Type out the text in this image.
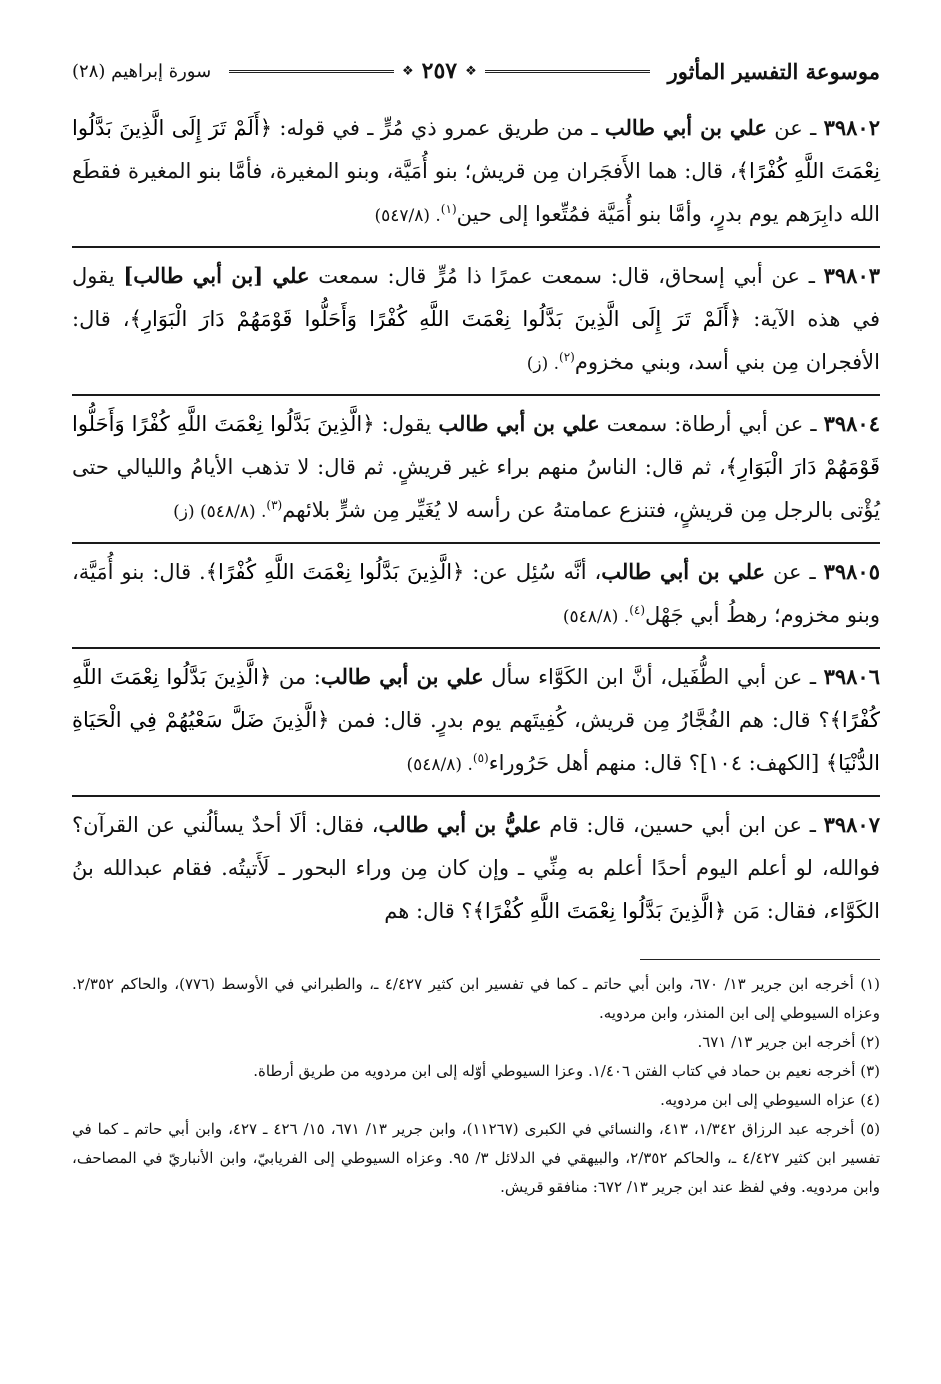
موسوعة التفسير المأثور
❖
٢٥٧
❖
سورة إبراهيم (٢٨)
٣٩٨٠٢ ـ عن علي بن أبي طالب ـ من طريق عمرو ذي مُرٍّ ـ في قوله: ﴿أَلَمْ تَرَ إِلَى الَّذِينَ بَدَّلُوا نِعْمَتَ اللَّهِ كُفْرًا﴾، قال: هما الأَفجَران مِن قريش؛ بنو أُمَيَّة، وبنو المغيرة، فأمَّا بنو المغيرة فقطَع الله دابِرَهم يوم بدرٍ، وأمَّا بنو أُمَيَّة فمُتِّعوا إلى حين$^{(١)}$. (٥٤٧/٨)
٣٩٨٠٣ ـ عن أبي إسحاق، قال: سمعت عمرًا ذا مُرٍّ قال: سمعت علي [بن أبي طالب] يقول في هذه الآية: ﴿أَلَمْ تَرَ إِلَى الَّذِينَ بَدَّلُوا نِعْمَتَ اللَّهِ كُفْرًا وَأَحَلُّوا قَوْمَهُمْ دَارَ الْبَوَارِ﴾، قال: الأفجران مِن بني أسد، وبني مخزوم$^{(٢)}$. (ز)
٣٩٨٠٤ ـ عن أبي أرطاة: سمعت علي بن أبي طالب يقول: ﴿الَّذِينَ بَدَّلُوا نِعْمَتَ اللَّهِ كُفْرًا وَأَحَلُّوا قَوْمَهُمْ دَارَ الْبَوَارِ﴾، ثم قال: الناسُ منهم براء غير قريشٍ. ثم قال: لا تذهب الأيامُ والليالي حتى يُؤْتى بالرجل مِن قريشٍ، فتنزع عمامتهُ عن رأسه لا يُغَيِّر مِن شرٍّ بلائهم$^{(٣)}$. (٥٤٨/٨) (ز)
٣٩٨٠٥ ـ عن علي بن أبي طالب، أنَّه سُئِل عن: ﴿الَّذِينَ بَدَّلُوا نِعْمَتَ اللَّهِ كُفْرًا﴾. قال: بنو أُمَيَّة، وبنو مخزوم؛ رهطُ أبي جَهْل$^{(٤)}$. (٥٤٨/٨)
٣٩٨٠٦ ـ عن أبي الطُّفَيل، أنَّ ابن الكَوَّاء سأل علي بن أبي طالب: من ﴿الَّذِينَ بَدَّلُوا نِعْمَتَ اللَّهِ كُفْرًا﴾؟ قال: هم الفُجَّارُ مِن قريش، كُفِيتَهم يوم بدرٍ. قال: فمن ﴿الَّذِينَ ضَلَّ سَعْيُهُمْ فِي الْحَيَاةِ الدُّنْيَا﴾ [الكهف: ١٠٤]؟ قال: منهم أهل حَرُوراء$^{(٥)}$. (٥٤٨/٨)
٣٩٨٠٧ ـ عن ابن أبي حسين، قال: قام عليُّ بن أبي طالب، فقال: ألَا أحدٌ يسألُني عن القرآن؟ فوالله، لو أعلم اليوم أحدًا أعلم به مِنِّي ـ وإن كان مِن وراء البحور ـ لَأَتيتُه. فقام عبدالله بنُ الكَوَّاء، فقال: مَن ﴿الَّذِينَ بَدَّلُوا نِعْمَتَ اللَّهِ كُفْرًا﴾؟ قال: هم
(١) أخرجه ابن جرير ١٣/ ٦٧٠، وابن أبي حاتم ـ كما في تفسير ابن كثير ٤/٤٢٧ ـ، والطبراني في الأوسط (٧٧٦)، والحاكم ٢/٣٥٢. وعزاه السيوطي إلى ابن المنذر، وابن مردويه.
(٢) أخرجه ابن جرير ١٣/ ٦٧١.
(٣) أخرجه نعيم بن حماد في كتاب الفتن ١/٤٠٦. وعزا السيوطي أوّله إلى ابن مردويه من طريق أرطاة.
(٤) عزاه السيوطي إلى ابن مردويه.
(٥) أخرجه عبد الرزاق ١/٣٤٢، ٤١٣، والنسائي في الكبرى (١١٢٦٧)، وابن جرير ١٣/ ٦٧١، ١٥/ ٤٢٦ ـ ٤٢٧، وابن أبي حاتم ـ كما في تفسير ابن كثير ٤/٤٢٧ ـ، والحاكم ٢/٣٥٢، والبيهقي في الدلائل ٣/ ٩٥. وعزاه السيوطي إلى الفريابيّ، وابن الأنباريّ في المصاحف، وابن مردويه. وفي لفظ عند ابن جرير ١٣/ ٦٧٢: منافقو قريش.
